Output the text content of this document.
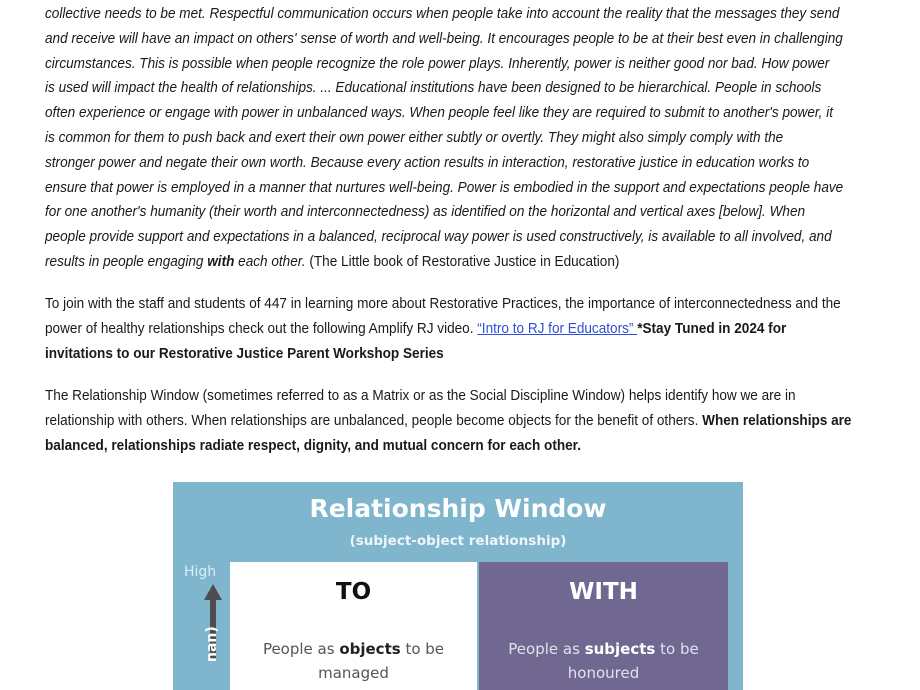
collective needs to be met. Respectful communication occurs when people take into account the reality that the messages they send
and receive will have an impact on others' sense of worth and well-being. It encourages people to be at their best even in challenging
circumstances. This is possible when people recognize the role power plays. Inherently, power is neither good nor bad. How power
is used will impact the health of relationships. ... Educational institutions have been designed to be hierarchical. People in schools
often experience or engage with power in unbalanced ways. When people feel like they are required to submit to another's power, it
is common for them to push back and exert their own power either subtly or overtly. They might also simply comply with the
stronger power and negate their own worth. Because every action results in interaction, restorative justice in education works to
ensure that power is employed in a manner that nurtures well-being. Power is embodied in the support and expectations people have
for one another's humanity (their worth and interconnectedness) as identified on the horizontal and vertical axes [below]. When
people provide support and expectations in a balanced, reciprocal way power is used constructively, is available to all involved, and
results in people engaging with each other. (The Little book of Restorative Justice in Education)
To join with the staff and students of 447 in learning more about Restorative Practices, the importance of interconnectedness and the
power of healthy relationships check out the following Amplify RJ video. “Intro to RJ for Educators” *Stay Tuned in 2024 for
invitations to our Restorative Justice Parent Workshop Series
The Relationship Window (sometimes referred to as a Matrix or as the Social Discipline Window) helps identify how we are in
relationship with others. When relationships are unbalanced, people become objects for the benefit of others. When relationships are
balanced, relationships radiate respect, dignity, and mutual concern for each other.
Relationship Window
(subject-object relationship)
High
nan)
TO
People as objects to be managed
WITH
People as subjects to be honoured
